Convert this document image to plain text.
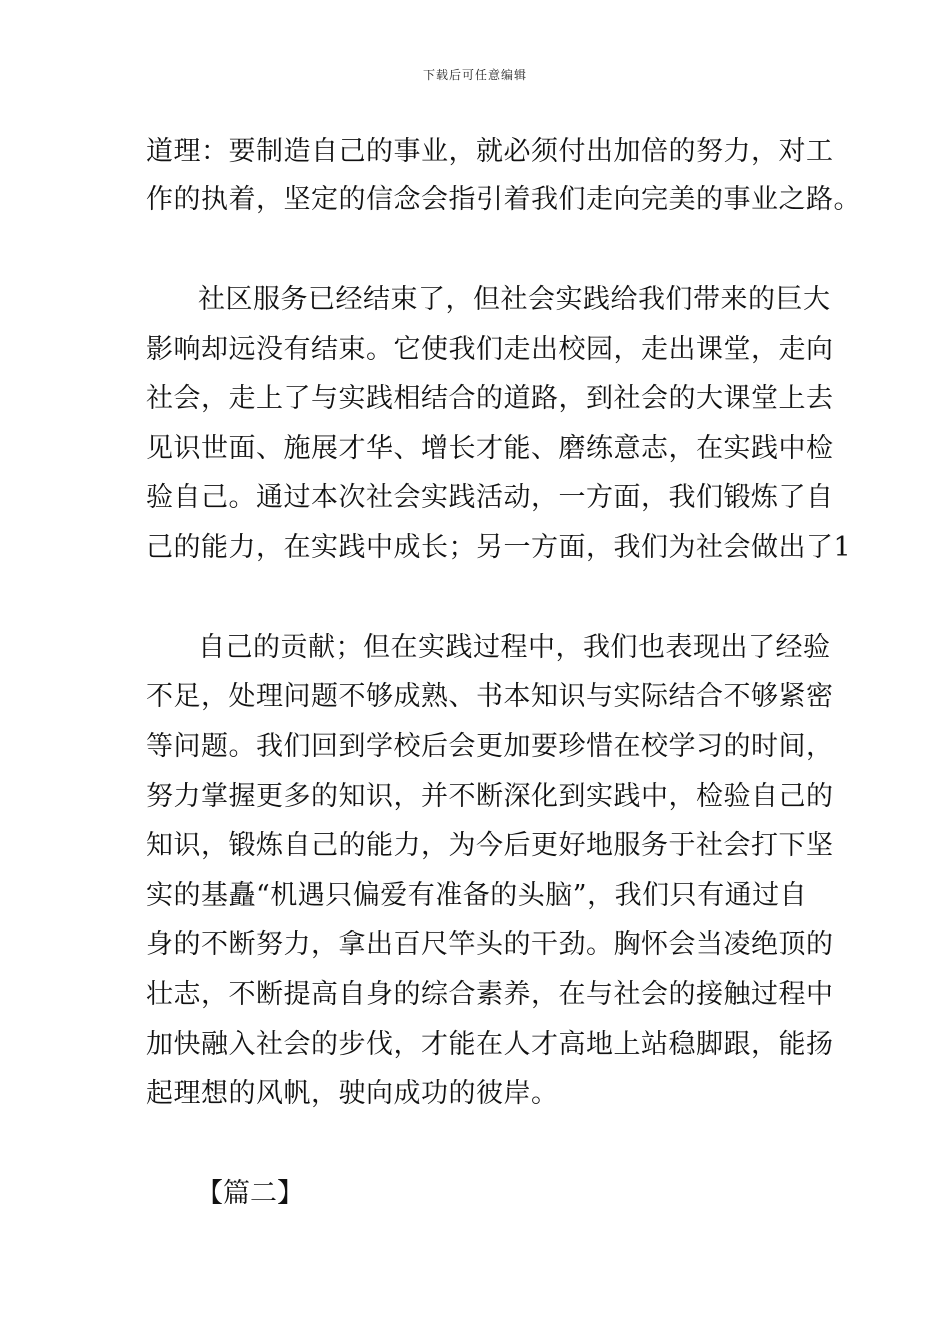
下载后可任意编辑
道理：要制造自己的事业，就必须付出加倍的努力，对工
作的执着，坚定的信念会指引着我们走向完美的事业之路。
社区服务已经结束了，但社会实践给我们带来的巨大
影响却远没有结束。它使我们走出校园，走出课堂，走向
社会，走上了与实践相结合的道路，到社会的大课堂上去
见识世面、施展才华、增长才能、磨练意志，在实践中检
验自己。通过本次社会实践活动，一方面，我们锻炼了自
己的能力，在实践中成长；另一方面，我们为社会做出了1
自己的贡献；但在实践过程中，我们也表现出了经验
不足，处理问题不够成熟、书本知识与实际结合不够紧密
等问题。我们回到学校后会更加要珍惜在校学习的时间，
努力掌握更多的知识，并不断深化到实践中，检验自己的
知识，锻炼自己的能力，为今后更好地服务于社会打下坚
实的基矗“机遇只偏爱有准备的头脑”，我们只有通过自
身的不断努力，拿出百尺竿头的干劲。胸怀会当凌绝顶的
壮志，不断提高自身的综合素养，在与社会的接触过程中
加快融入社会的步伐，才能在人才高地上站稳脚跟，能扬
起理想的风帆，驶向成功的彼岸。
【篇二】
